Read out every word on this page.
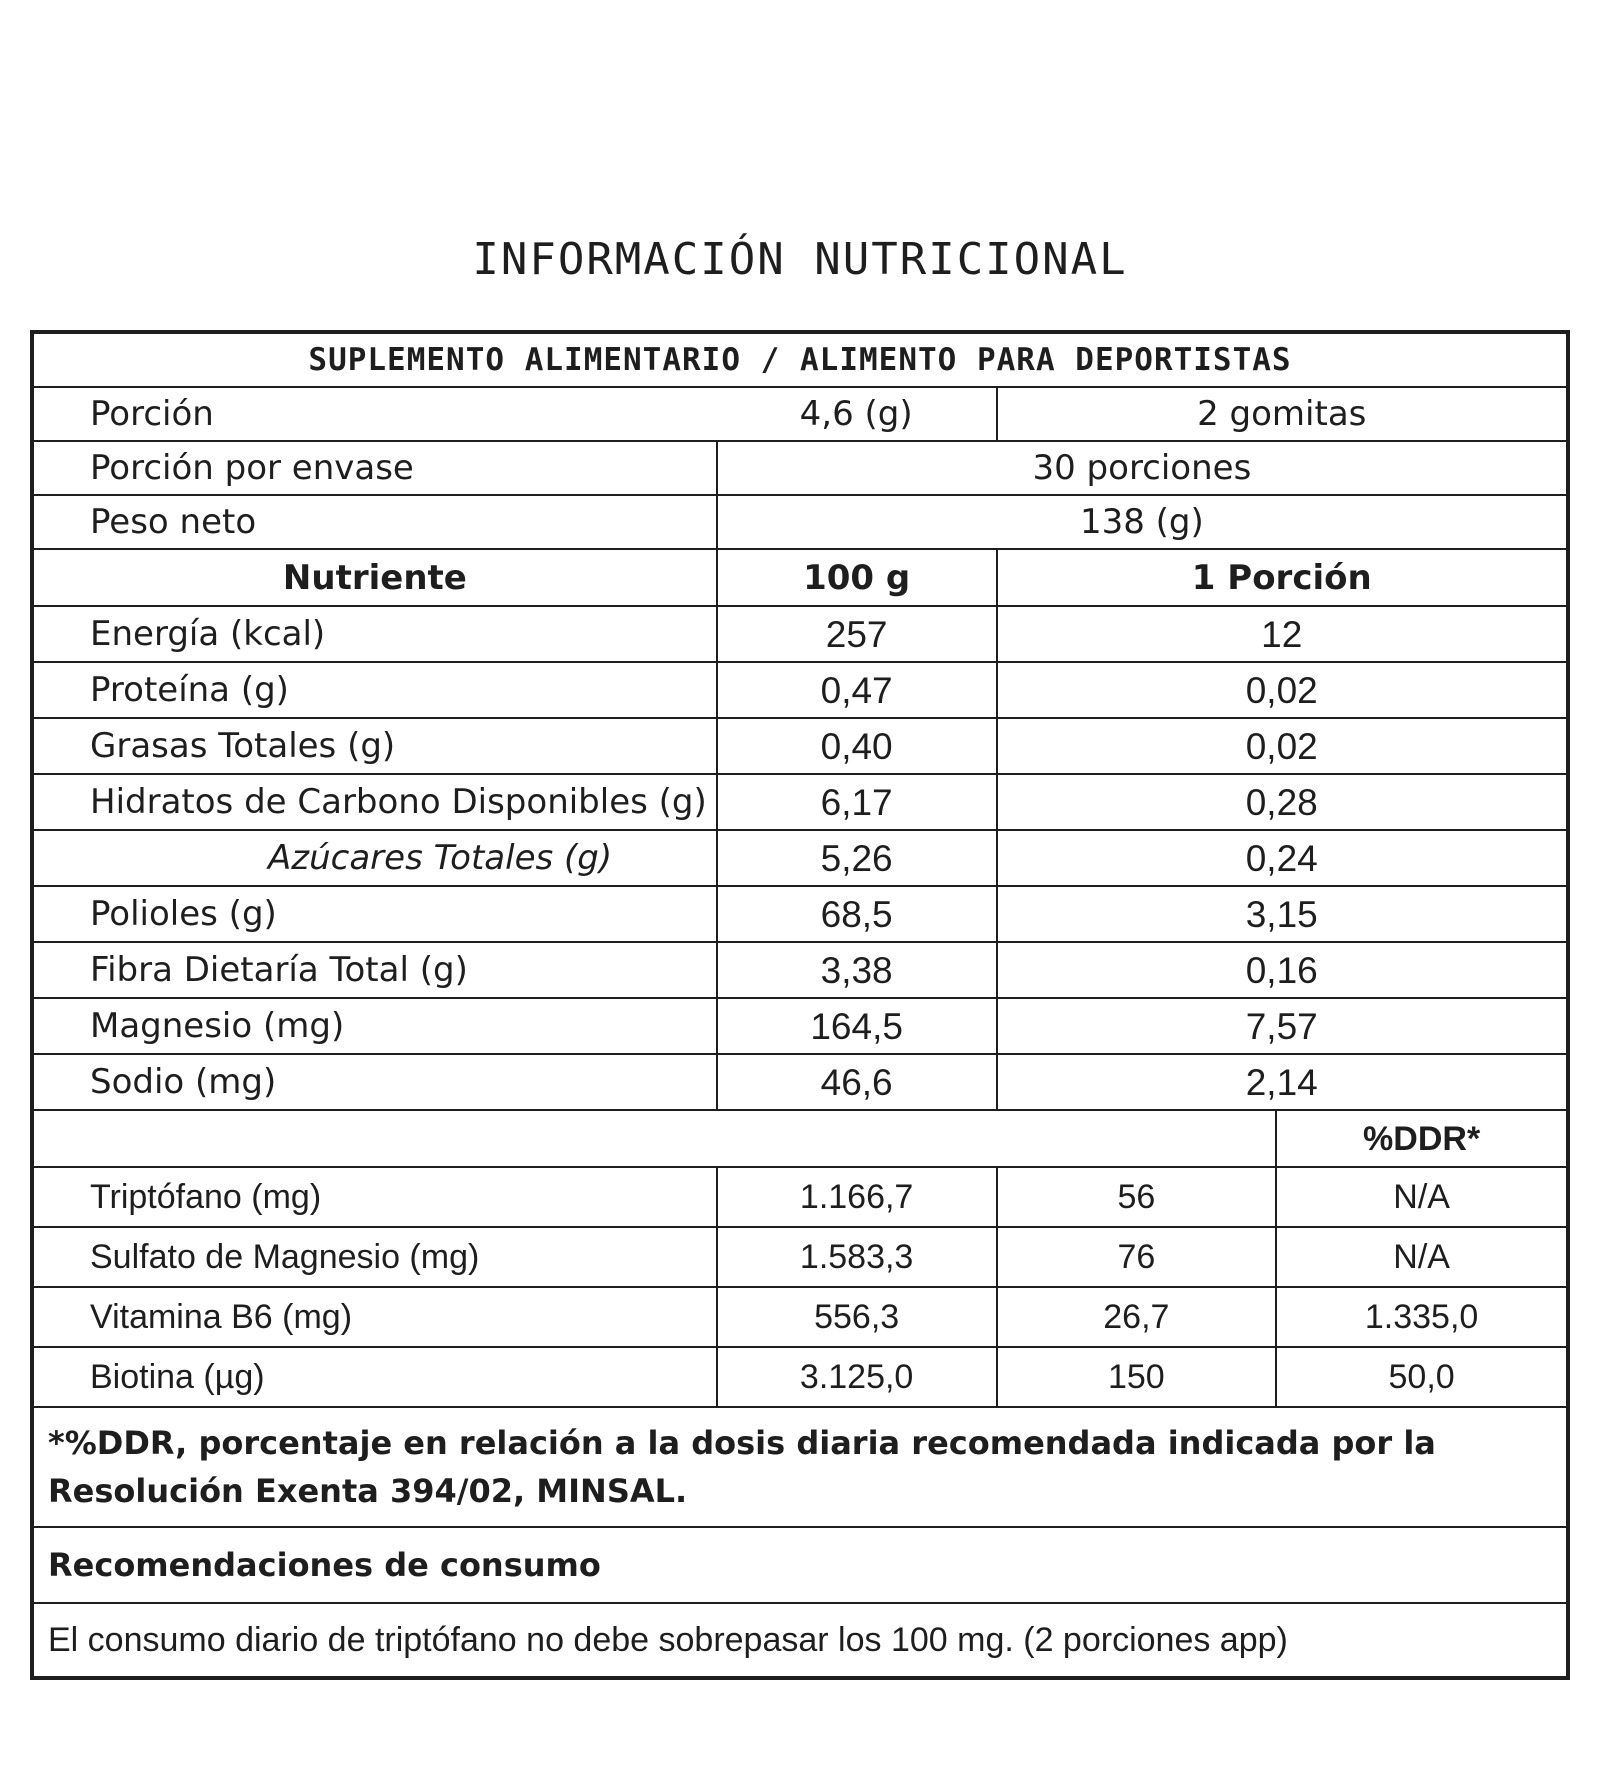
INFORMACIÓN NUTRICIONAL
SUPLEMENTO ALIMENTARIO / ALIMENTO PARA DEPORTISTAS			
Porción	4,6 (g)	2 gomitas	
Porción por envase	30 porciones		
Peso neto	138 (g)		
Nutriente	100 g	1 Porción	
Energía (kcal)	257	12	
Proteína (g)	0,47	0,02	
Grasas Totales (g)	0,40	0,02	
Hidratos de Carbono Disponibles (g)	6,17	0,28	
Azúcares Totales (g)	5,26	0,24	
Polioles (g)	68,5	3,15	
Fibra Dietaría Total (g)	3,38	0,16	
Magnesio (mg)	164,5	7,57	
Sodio (mg)	46,6	2,14	
			%DDR*
Triptófano (mg)	1.166,7	56	N/A
Sulfato de Magnesio (mg)	1.583,3	76	N/A
Vitamina B6 (mg)	556,3	26,7	1.335,0
Biotina (µg)	3.125,0	150	50,0
*%DDR, porcentaje en relación a la dosis diaria recomendada indicada por la Resolución Exenta 394/02, MINSAL.			
Recomendaciones de consumo			
El consumo diario de triptófano no debe sobrepasar los 100 mg. (2 porciones app)			
